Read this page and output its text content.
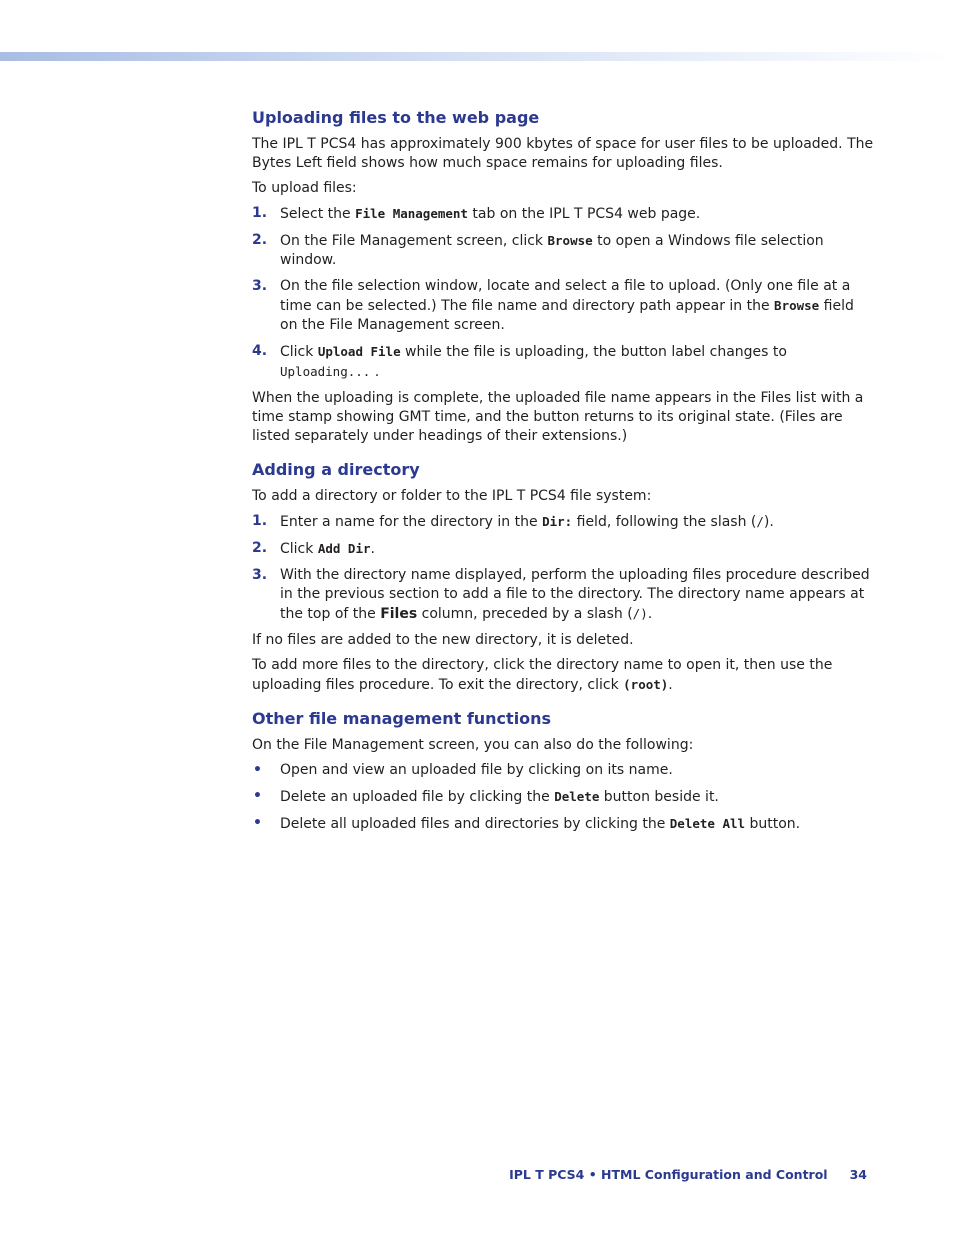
Uploading files to the web page

The IPL T PCS4 has approximately 900 kbytes of space for user files to be uploaded. The Bytes Left field shows how much space remains for uploading files.

To upload files:

1. Select the File Management tab on the IPL T PCS4 web page.
2. On the File Management screen, click Browse to open a Windows file selection window.
3. On the file selection window, locate and select a file to upload. (Only one file at a time can be selected.) The file name and directory path appear in the Browse field on the File Management screen.
4. Click Upload File while the file is uploading, the button label changes to
Uploading... .

When the uploading is complete, the uploaded file name appears in the Files list with a time stamp showing GMT time, and the button returns to its original state. (Files are listed separately under headings of their extensions.)

Adding a directory

To add a directory or folder to the IPL T PCS4 file system:

1. Enter a name for the directory in the Dir: field, following the slash (/).
2. Click Add Dir.
3. With the directory name displayed, perform the uploading files procedure described in the previous section to add a file to the directory. The directory name appears at the top of the Files column, preceded by a slash (/).

If no files are added to the new directory, it is deleted.

To add more files to the directory, click the directory name to open it, then use the uploading files procedure. To exit the directory, click (root).

Other file management functions

On the File Management screen, you can also do the following:

• Open and view an uploaded file by clicking on its name.
• Delete an uploaded file by clicking the Delete button beside it.
• Delete all uploaded files and directories by clicking the Delete All button.
IPL T PCS4 • HTML Configuration and Control 34
